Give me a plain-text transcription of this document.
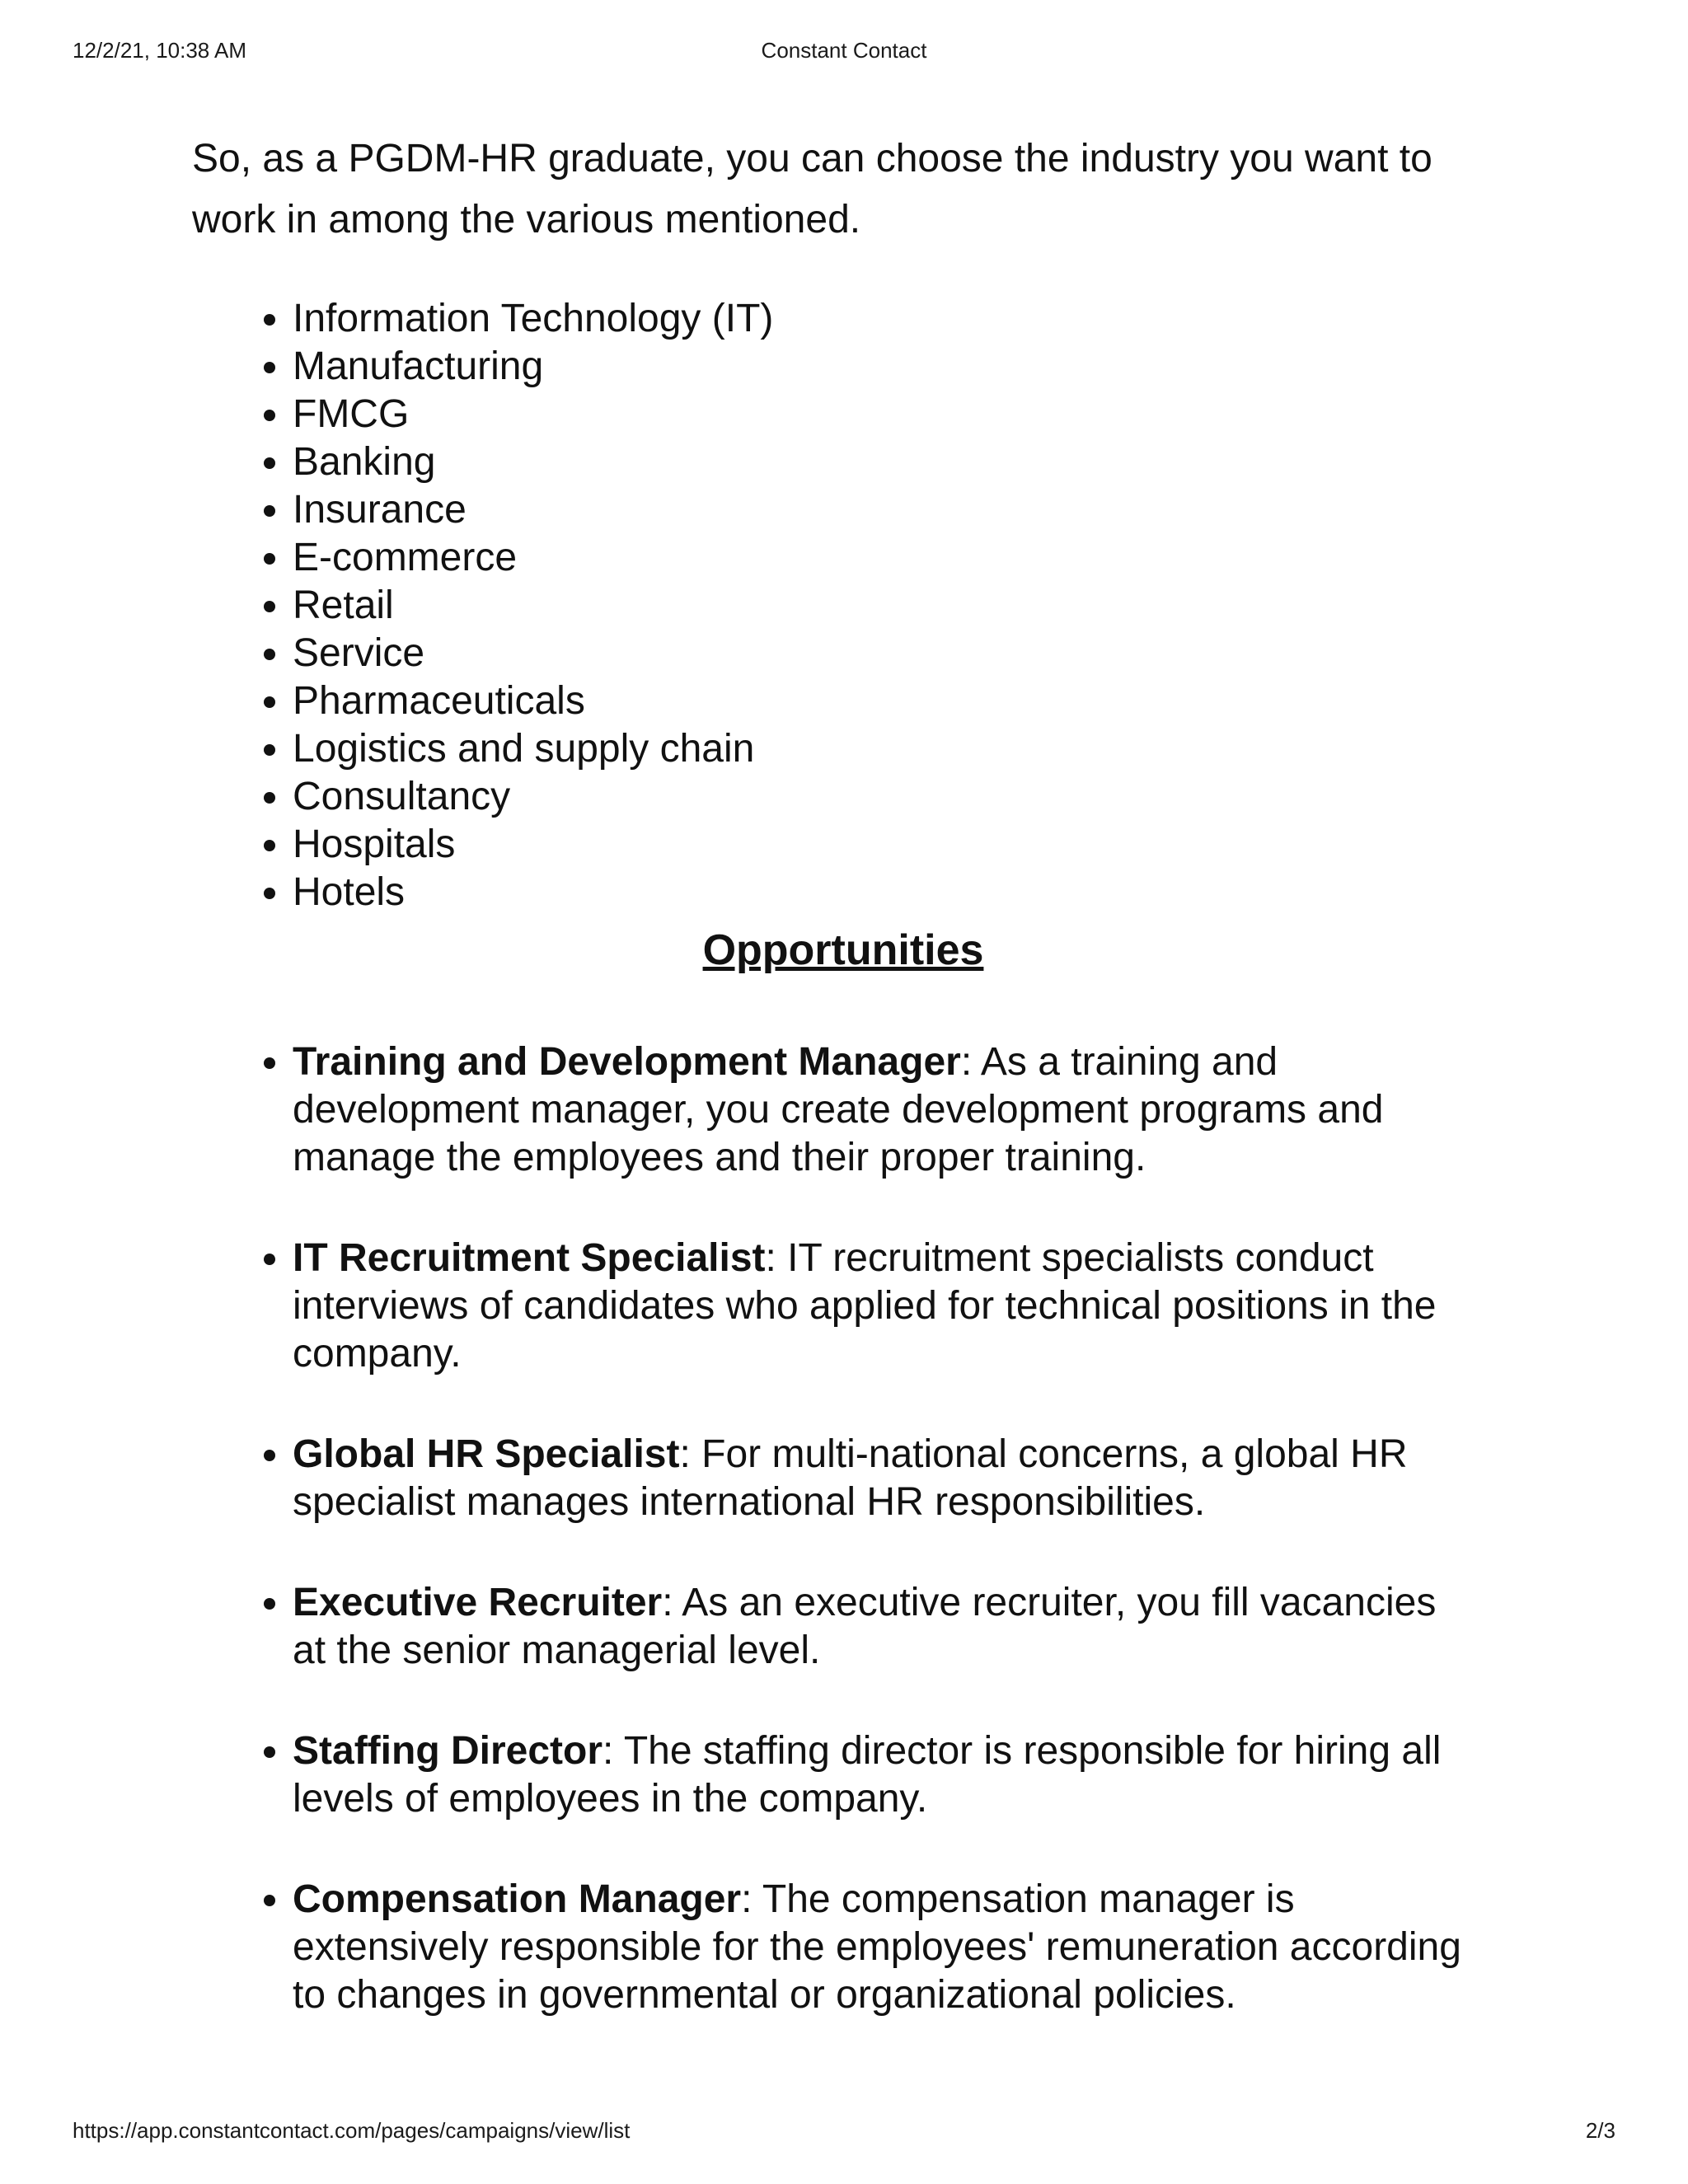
12/2/21, 10:38 AM	Constant Contact

So, as a PGDM-HR graduate, you can choose the industry you want to work in among the various mentioned.

• Information Technology (IT)
• Manufacturing
• FMCG
• Banking
• Insurance
• E-commerce
• Retail
• Service
• Pharmaceuticals
• Logistics and supply chain
• Consultancy
• Hospitals
• Hotels
Opportunities
• Training and Development Manager: As a training and development manager, you create development programs and manage the employees and their proper training.
• IT Recruitment Specialist: IT recruitment specialists conduct interviews of candidates who applied for technical positions in the company.
• Global HR Specialist: For multi-national concerns, a global HR specialist manages international HR responsibilities.
• Executive Recruiter: As an executive recruiter, you fill vacancies at the senior managerial level.
• Staffing Director: The staffing director is responsible for hiring all levels of employees in the company.
• Compensation Manager: The compensation manager is extensively responsible for the employees' remuneration according to changes in governmental or organizational policies.
https://app.constantcontact.com/pages/campaigns/view/list	2/3
